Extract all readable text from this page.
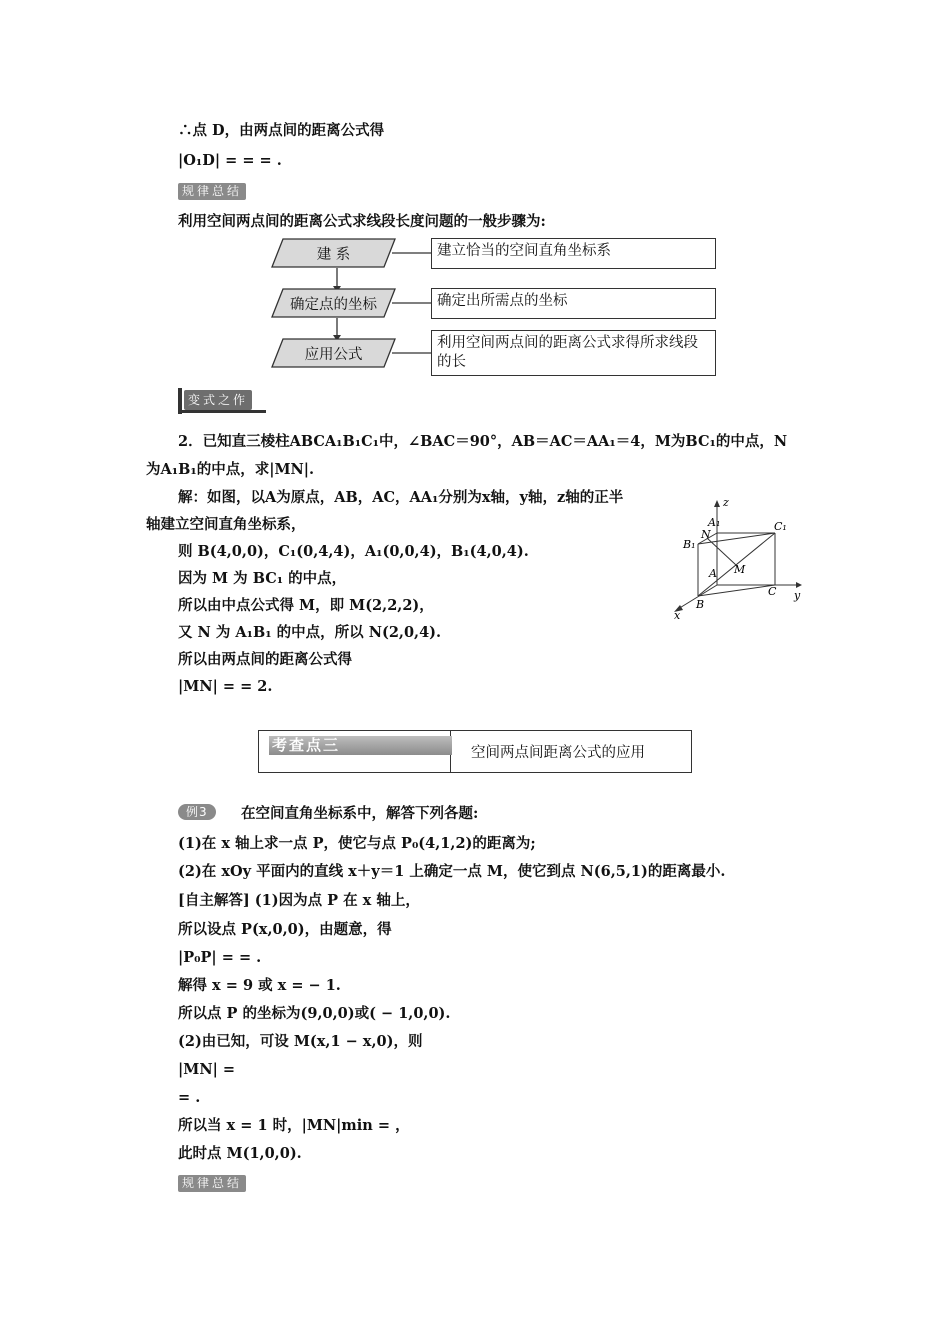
∴点 D，由两点间的距离公式得
|O₁D| = = = .
规律总结
利用空间两点间的距离公式求线段长度问题的一般步骤为:
建 系
确定点的坐标
应用公式
建立恰当的空间直角坐标系
确定出所需点的坐标
利用空间两点间的距离公式求得所求线段的长
变式之作
2．已知直三棱柱ABCA₁B₁C₁中，∠BAC＝90°，AB＝AC＝AA₁＝4，M为BC₁的中点，N
为A₁B₁的中点，求|MN|.
解：如图，以A为原点，AB，AC，AA₁分别为x轴，y轴，z轴的正半
轴建立空间直角坐标系，
则 B(4,0,0)，C₁(0,4,4)，A₁(0,0,4)，B₁(4,0,4).
因为 M 为 BC₁ 的中点，
所以由中点公式得 M，即 M(2,2,2)，
又 N 为 A₁B₁ 的中点，所以 N(2,0,4).
所以由两点间的距离公式得
|MN| = = 2.
z
y
x
A₁	C₁
B₁
N
A M
B
C
考查点三	空间两点间距离公式的应用
例3	在空间直角坐标系中，解答下列各题:
(1)在 x 轴上求一点 P，使它与点 P₀(4,1,2)的距离为;
(2)在 xOy 平面内的直线 x＋y＝1 上确定一点 M，使它到点 N(6,5,1)的距离最小.
[自主解答] (1)因为点 P 在 x 轴上，
所以设点 P(x,0,0)，由题意，得
|P₀P| = = .
解得 x = 9 或 x = − 1.
所以点 P 的坐标为(9,0,0)或( − 1,0,0).
(2)由已知，可设 M(x,1 − x,0)，则
|MN| =
= .
所以当 x = 1 时，|MN|min = ，
此时点 M(1,0,0).
规律总结
